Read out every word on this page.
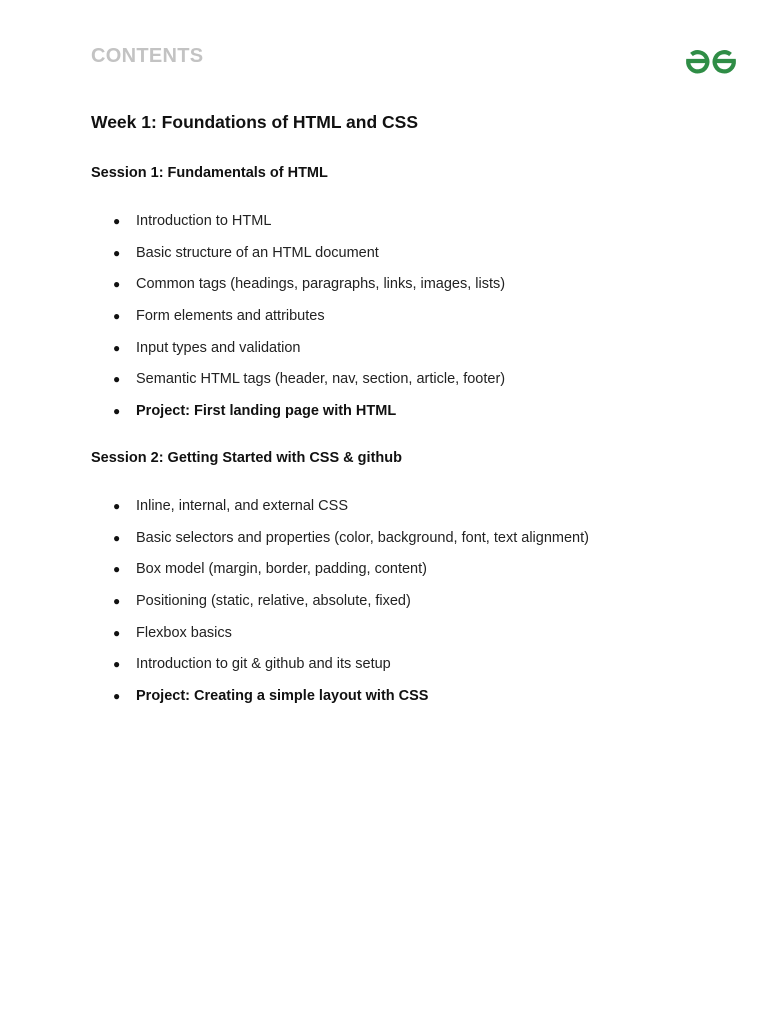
CONTENTS
Week 1: Foundations of HTML and CSS
Session 1: Fundamentals of HTML
● Introduction to HTML
● Basic structure of an HTML document
● Common tags (headings, paragraphs, links, images, lists)
● Form elements and attributes
● Input types and validation
● Semantic HTML tags (header, nav, section, article, footer)
● Project: First landing page with HTML
Session 2: Getting Started with CSS & github
● Inline, internal, and external CSS
● Basic selectors and properties (color, background, font, text alignment)
● Box model (margin, border, padding, content)
● Positioning (static, relative, absolute, fixed)
● Flexbox basics
● Introduction to git & github and its setup
● Project: Creating a simple layout with CSS
